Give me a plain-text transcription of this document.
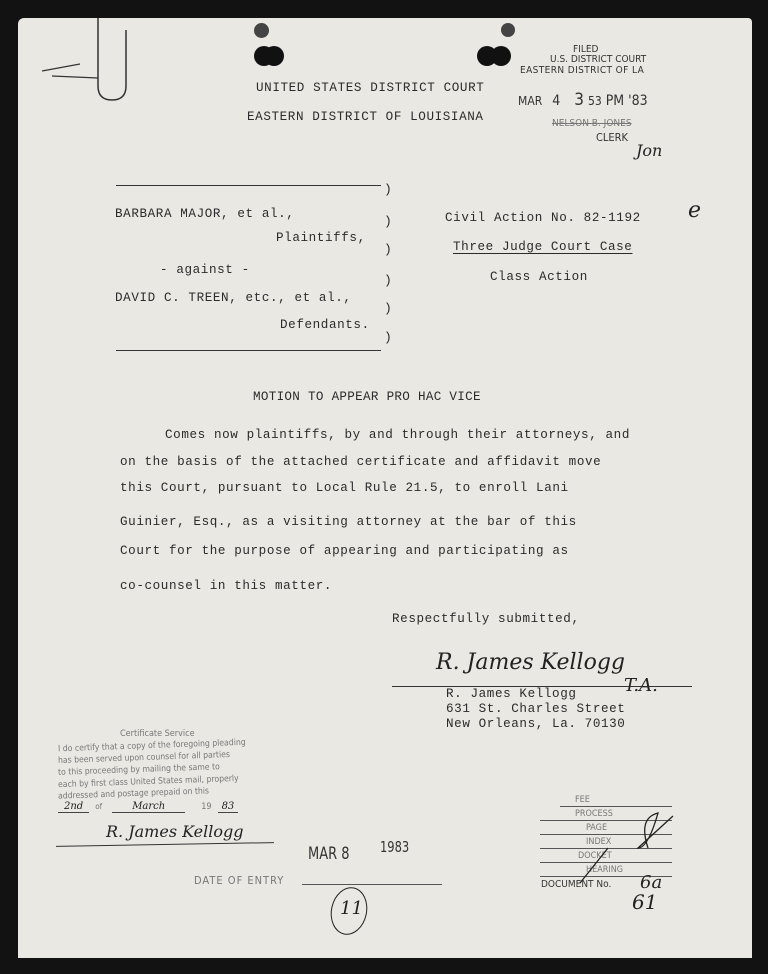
UNITED STATES DISTRICT COURT
EASTERN DISTRICT OF LOUISIANA
FILED
U.S. DISTRICT COURT
EASTERN DISTRICT OF LA
MAR 4 3 53 PM '83
NELSON B. JONES
CLERK
Jon
BARBARA MAJOR, et al.,
Plaintiffs,
- against -
DAVID C. TREEN, etc., et al.,
Defendants.
)
)
)
)
)
)
Civil Action No. 82-1192 e
Three Judge Court Case
Class Action
MOTION TO APPEAR PRO HAC VICE
Comes now plaintiffs, by and through their attorneys, and
on the basis of the attached certificate and affidavit move
this Court, pursuant to Local Rule 21.5, to enroll Lani
Guinier, Esq., as a visiting attorney at the bar of this
Court for the purpose of appearing and participating as
co-counsel in this matter.
Respectfully submitted,
R. James Kellogg
T.A.
R. James Kellogg
631 St. Charles Street
New Orleans, La. 70130
Certificate Service
I do certify that a copy of the foregoing pleading
has been served upon counsel for all parties
to this proceeding by mailing the same to
each by first class United States mail, properly
addressed and postage prepaid on this
2nd of	March	19 83
R. James Kellogg
MAR 8 1983
DATE OF ENTRY
11
FEE
PROCESS
PAGE
INDEX
DOCKET
HEARING
DOCUMENT No. 6a
61
